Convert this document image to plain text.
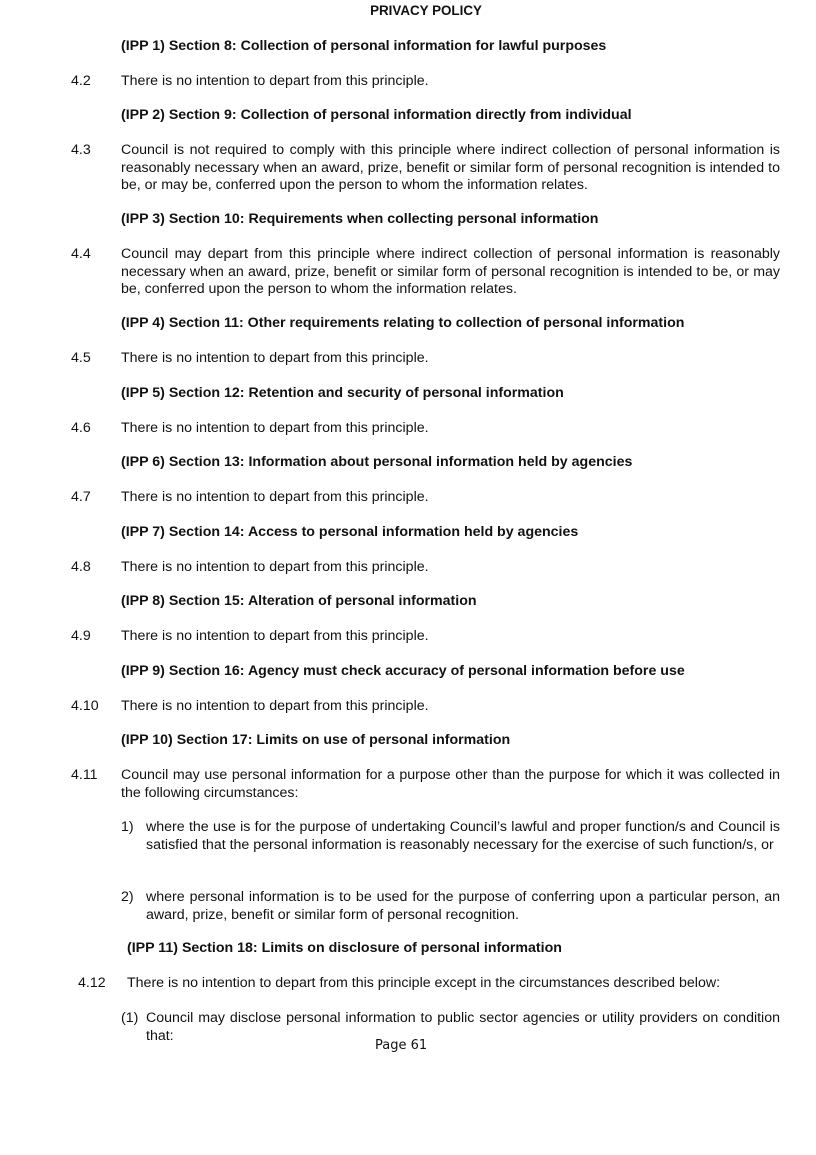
PRIVACY POLICY
(IPP 1) Section 8: Collection of personal information for lawful purposes
4.2 There is no intention to depart from this principle.
(IPP 2) Section 9: Collection of personal information directly from individual
4.3 Council is not required to comply with this principle where indirect collection of personal information is reasonably necessary when an award, prize, benefit or similar form of personal recognition is intended to be, or may be, conferred upon the person to whom the information relates.
(IPP 3) Section 10: Requirements when collecting personal information
4.4 Council may depart from this principle where indirect collection of personal information is reasonably necessary when an award, prize, benefit or similar form of personal recognition is intended to be, or may be, conferred upon the person to whom the information relates.
(IPP 4) Section 11: Other requirements relating to collection of personal information
4.5 There is no intention to depart from this principle.
(IPP 5) Section 12: Retention and security of personal information
4.6 There is no intention to depart from this principle.
(IPP 6) Section 13: Information about personal information held by agencies
4.7 There is no intention to depart from this principle.
(IPP 7) Section 14: Access to personal information held by agencies
4.8 There is no intention to depart from this principle.
(IPP 8) Section 15: Alteration of personal information
4.9 There is no intention to depart from this principle.
(IPP 9) Section 16: Agency must check accuracy of personal information before use
4.10 There is no intention to depart from this principle.
(IPP 10) Section 17: Limits on use of personal information
4.11 Council may use personal information for a purpose other than the purpose for which it was collected in the following circumstances:
1) where the use is for the purpose of undertaking Council’s lawful and proper function/s and Council is satisfied that the personal information is reasonably necessary for the exercise of such function/s, or
2) where personal information is to be used for the purpose of conferring upon a particular person, an award, prize, benefit or similar form of personal recognition.
(IPP 11) Section 18: Limits on disclosure of personal information
4.12 There is no intention to depart from this principle except in the circumstances described below:
(1) Council may disclose personal information to public sector agencies or utility providers on condition that:
Page 61
